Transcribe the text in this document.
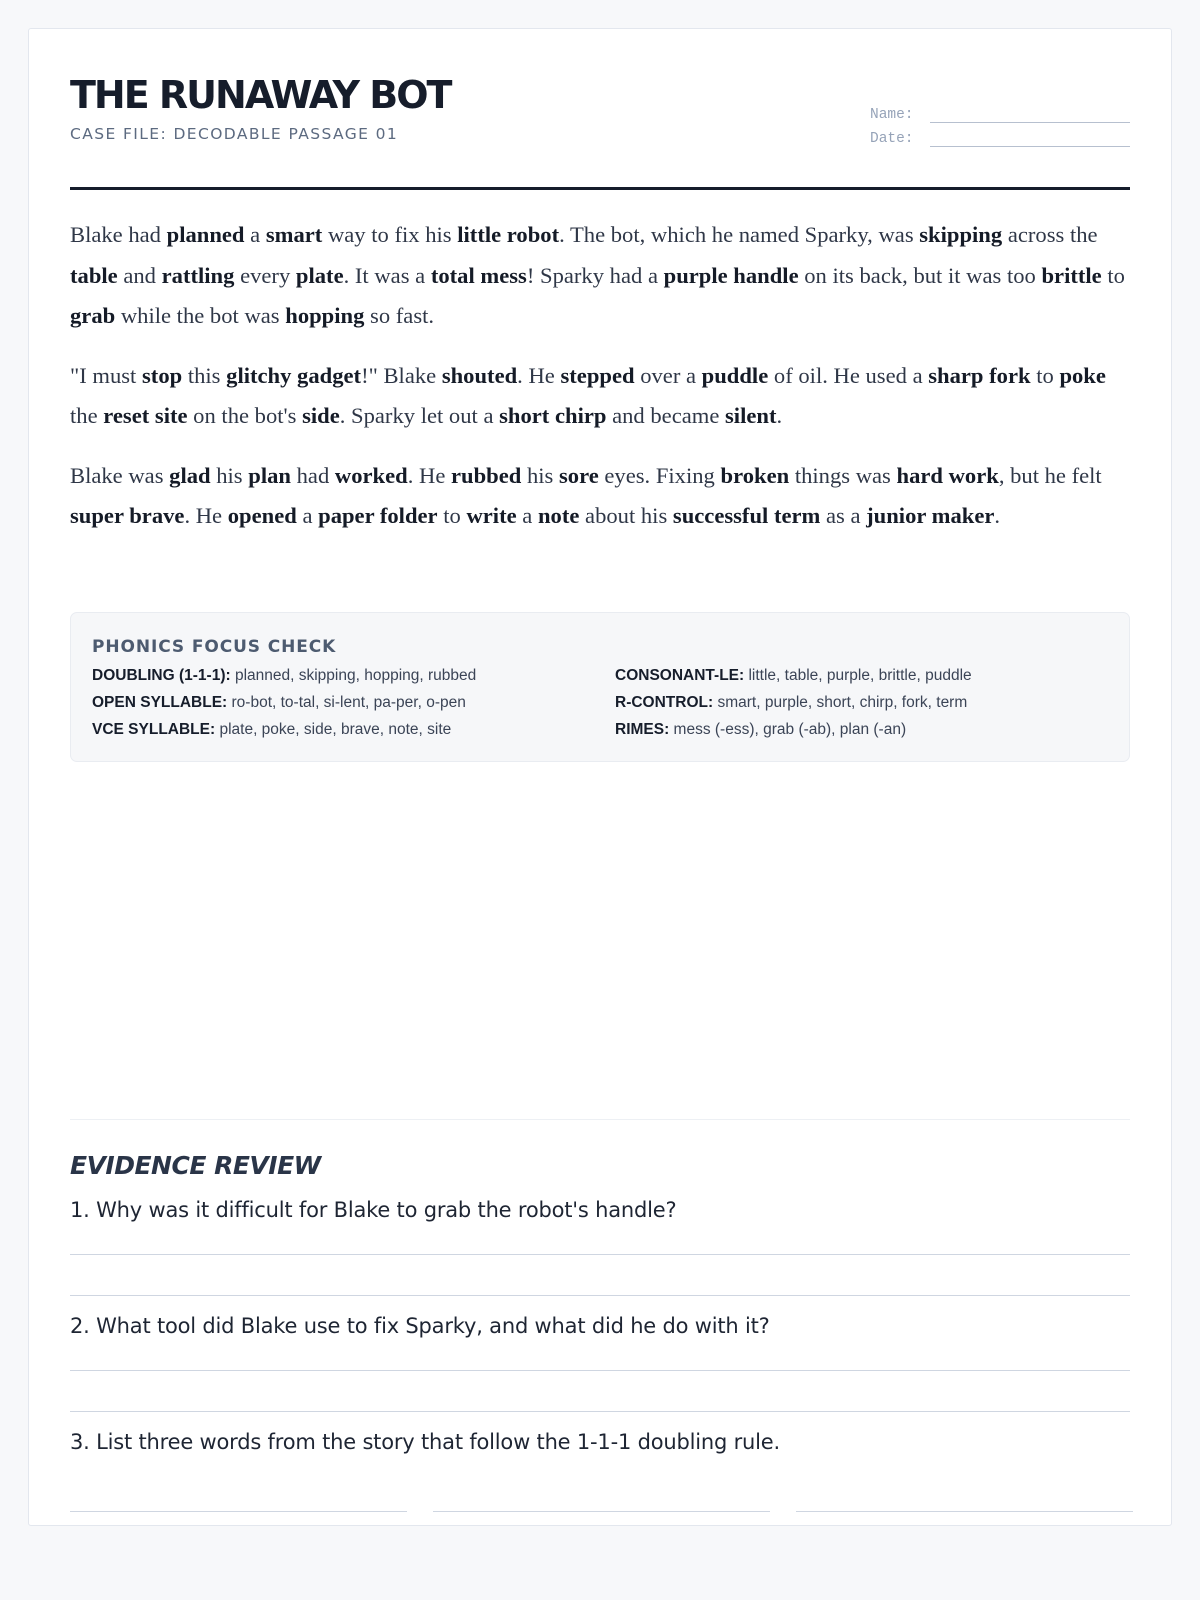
THE RUNAWAY BOT
CASE FILE: DECODABLE PASSAGE 01
Name:
Date:

Blake had planned a smart way to fix his little robot. The bot, which he named Sparky, was skipping across the table and rattling every plate. It was a total mess! Sparky had a purple handle on its back, but it was too brittle to grab while the bot was hopping so fast.

"I must stop this glitchy gadget!" Blake shouted. He stepped over a puddle of oil. He used a sharp fork to poke the reset site on the bot's side. Sparky let out a short chirp and became silent.

Blake was glad his plan had worked. He rubbed his sore eyes. Fixing broken things was hard work, but he felt super brave. He opened a paper folder to write a note about his successful term as a junior maker.

PHONICS FOCUS CHECK
DOUBLING (1-1-1): planned, skipping, hopping, rubbed	CONSONANT-LE: little, table, purple, brittle, puddle
OPEN SYLLABLE: ro-bot, to-tal, si-lent, pa-per, o-pen	R-CONTROL: smart, purple, short, chirp, fork, term
VCE SYLLABLE: plate, poke, side, brave, note, site	RIMES: mess (-ess), grab (-ab), plan (-an)
EVIDENCE REVIEW
1. Why was it difficult for Blake to grab the robot's handle?
2. What tool did Blake use to fix Sparky, and what did he do with it?
3. List three words from the story that follow the 1-1-1 doubling rule.
